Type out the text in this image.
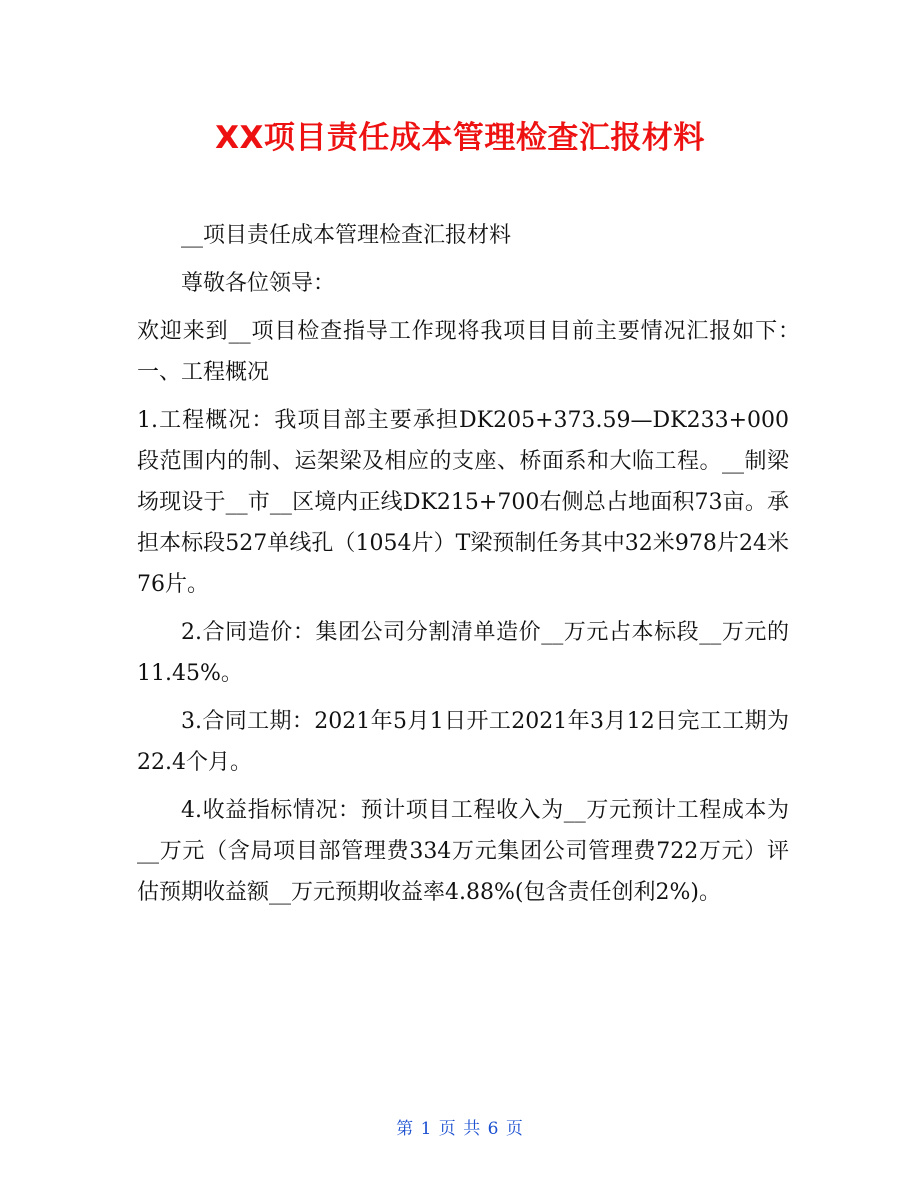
XX项目责任成本管理检查汇报材料

__项目责任成本管理检查汇报材料

尊敬各位领导：

欢迎来到__项目检查指导工作现将我项目目前主要情况汇报如下：　 一、工程概况

1.工程概况：我项目部主要承担DK205+373.59—DK233+000段范围内的制、运架梁及相应的支座、桥面系和大临工程。__制梁场现设于__市__区境内正线DK215+700右侧总占地面积73亩。承担本标段527单线孔（1054片）T梁预制任务其中32米978片24米76片。

2.合同造价：集团公司分割清单造价__万元占本标段__万元的11.45%。

3.合同工期：2021年5月1日开工2021年3月12日完工工期为22.4个月。

4.收益指标情况：预计项目工程收入为__万元预计工程成本为__万元（含局项目部管理费334万元集团公司管理费722万元）评估预期收益额__万元预期收益率4.88%(包含责任创利2%)。

第 1 页 共 6 页
